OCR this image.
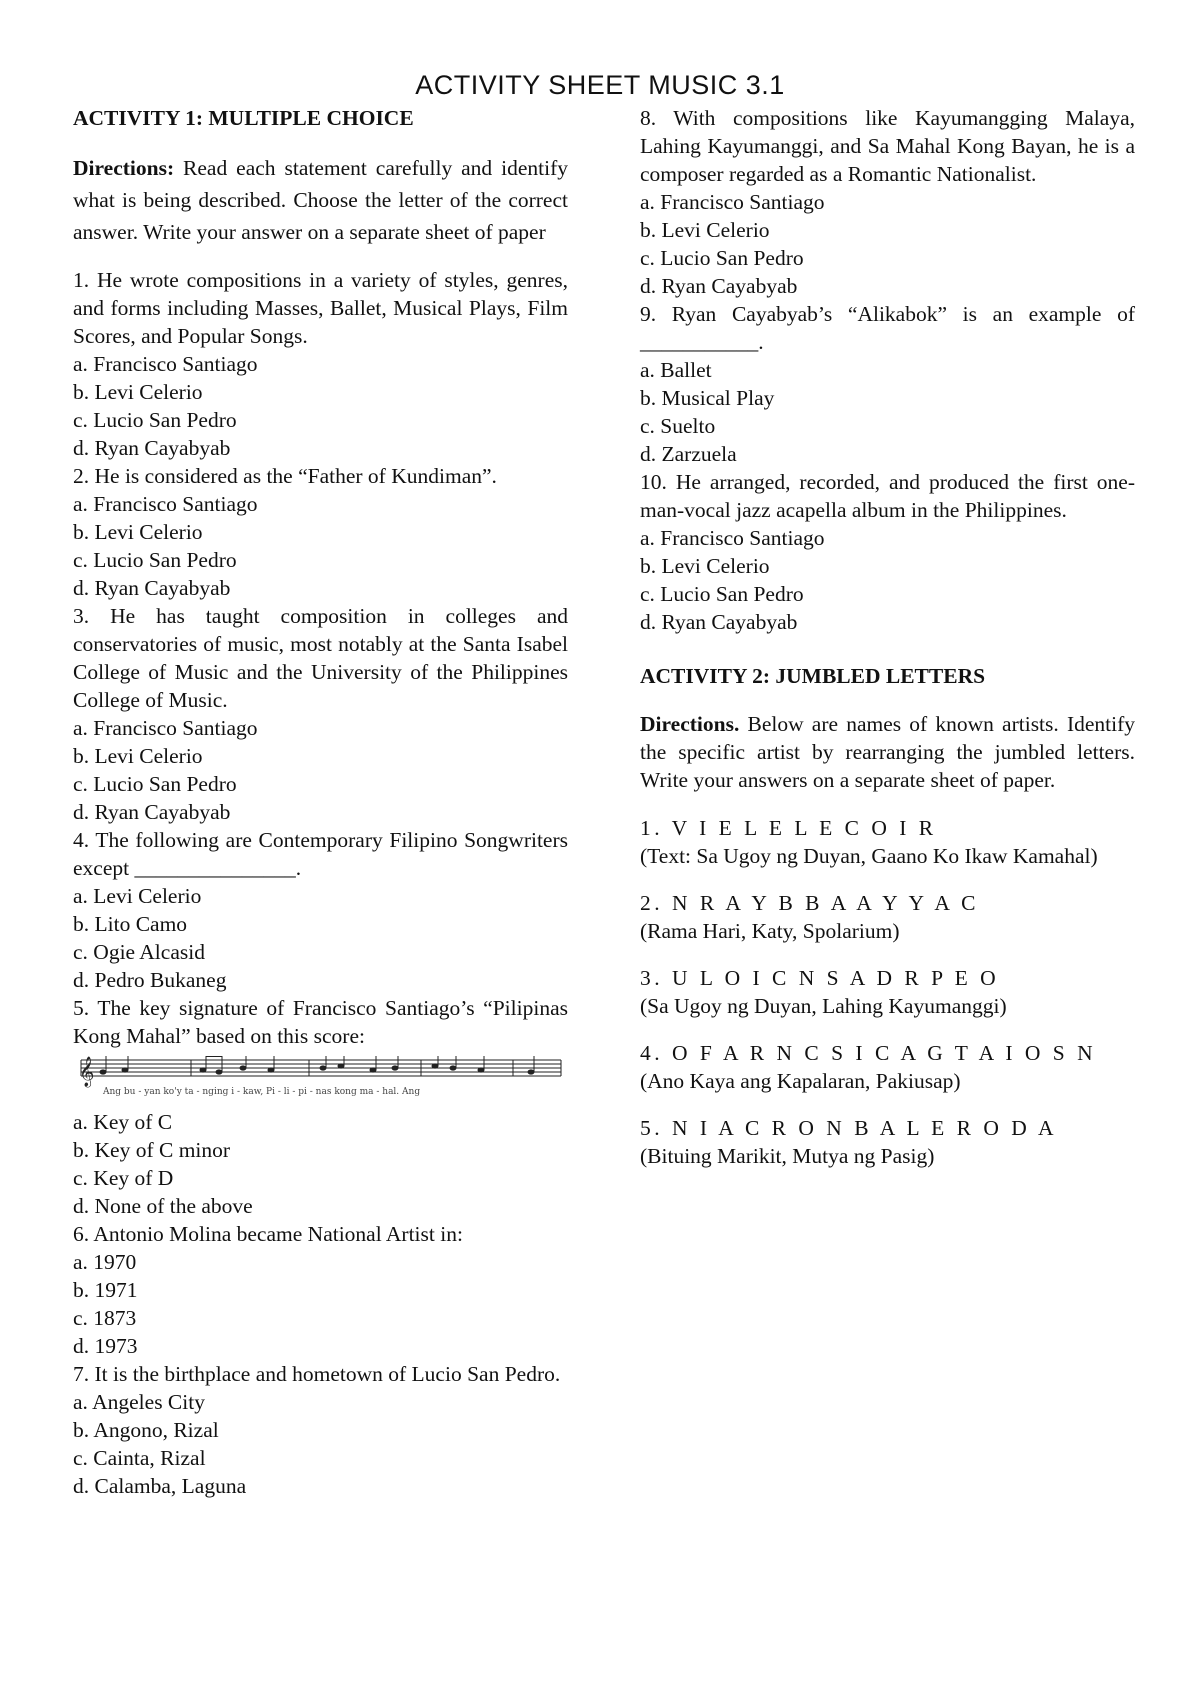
ACTIVITY SHEET MUSIC 3.1

ACTIVITY 1: MULTIPLE CHOICE

Directions: Read each statement carefully and identify what is being described. Choose the letter of the correct answer. Write your answer on a separate sheet of paper

1. He wrote compositions in a variety of styles, genres, and forms including Masses, Ballet, Musical Plays, Film Scores, and Popular Songs.

a. Francisco Santiago

b. Levi Celerio

c. Lucio San Pedro

d. Ryan Cayabyab

2. He is considered as the “Father of Kundiman”.

a. Francisco Santiago

b. Levi Celerio

c. Lucio San Pedro

d. Ryan Cayabyab

3. He has taught composition in colleges and conservatories of music, most notably at the Santa Isabel College of Music and the University of the Philippines College of Music.

a. Francisco Santiago

b. Levi Celerio

c. Lucio San Pedro

d. Ryan Cayabyab

4. The following are Contemporary Filipino Songwriters except _______________.

a. Levi Celerio

b. Lito Camo

c. Ogie Alcasid

d. Pedro Bukaneg

5. The key signature of Francisco Santiago’s “Pilipinas Kong Mahal” based on this score:

𝄞
Ang bu - yan ko'y ta - nging i - kaw, Pi - li - pi - nas kong ma - hal. Ang

a. Key of C

b. Key of C minor

c. Key of D

d. None of the above

6. Antonio Molina became National Artist in:

a. 1970

b. 1971

c. 1873

d. 1973

7. It is the birthplace and hometown of Lucio San Pedro.

a. Angeles City

b. Angono, Rizal

c. Cainta, Rizal

d. Calamba, Laguna

8. With compositions like Kayumangging Malaya, Lahing Kayumanggi, and Sa Mahal Kong Bayan, he is a composer regarded as a Romantic Nationalist.

a. Francisco Santiago

b. Levi Celerio

c. Lucio San Pedro

d. Ryan Cayabyab

9. Ryan Cayabyab’s “Alikabok” is an example of ___________.

a. Ballet

b. Musical Play

c. Suelto

d. Zarzuela

10. He arranged, recorded, and produced the first one-man-vocal jazz acapella album in the Philippines.

a. Francisco Santiago

b. Levi Celerio

c. Lucio San Pedro

d. Ryan Cayabyab

ACTIVITY 2: JUMBLED LETTERS

Directions. Below are names of known artists. Identify the specific artist by rearranging the jumbled letters. Write your answers on a separate sheet of paper.

1. V I E L E L E C O I R

(Text: Sa Ugoy ng Duyan, Gaano Ko Ikaw Kamahal)

2. N R A Y B B A A Y Y A C

(Rama Hari, Katy, Spolarium)

3. U L O I C N S A D R P E O

(Sa Ugoy ng Duyan, Lahing Kayumanggi)

4. O F A R N C S I C A G T A I O S N

(Ano Kaya ang Kapalaran, Pakiusap)

5. N I A C R O N B A L E R O D A

(Bituing Marikit, Mutya ng Pasig)
